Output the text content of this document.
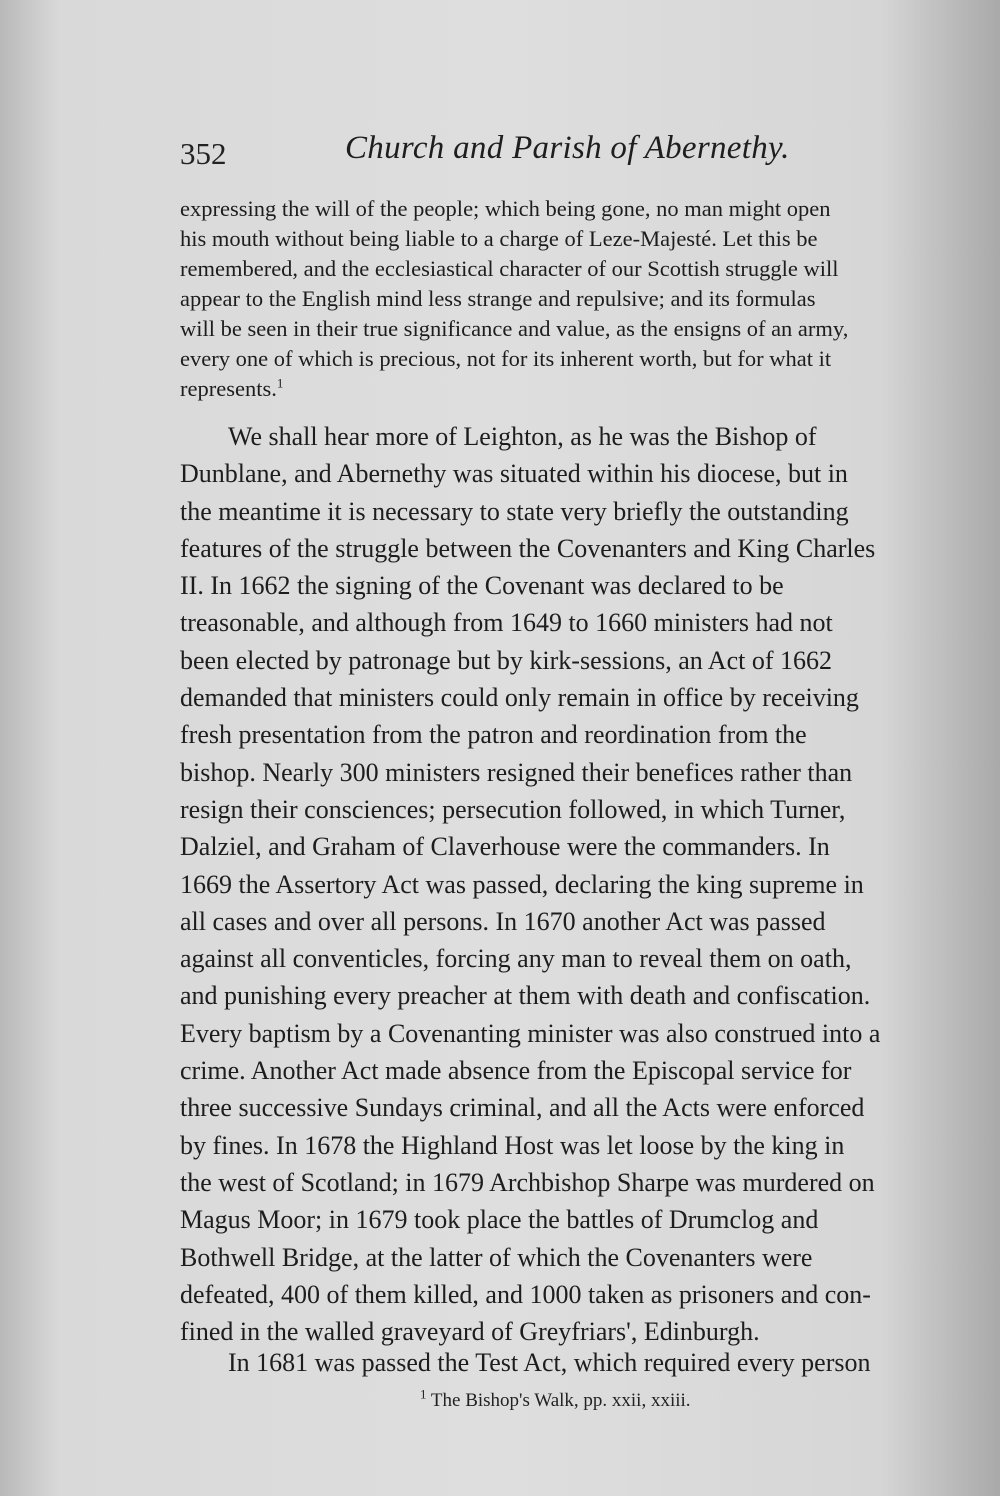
352	Church and Parish of Abernethy.
expressing the will of the people; which being gone, no man might open
his mouth without being liable to a charge of Leze-Majesté. Let this be
remembered, and the ecclesiastical character of our Scottish struggle will
appear to the English mind less strange and repulsive; and its formulas
will be seen in their true significance and value, as the ensigns of an army,
every one of which is precious, not for its inherent worth, but for what it
represents.$^1$
We shall hear more of Leighton, as he was the Bishop of
Dunblane, and Abernethy was situated within his diocese, but in
the meantime it is necessary to state very briefly the outstanding
features of the struggle between the Covenanters and King Charles
II. In 1662 the signing of the Covenant was declared to be
treasonable, and although from 1649 to 1660 ministers had not
been elected by patronage but by kirk-sessions, an Act of 1662
demanded that ministers could only remain in office by receiving
fresh presentation from the patron and reordination from the
bishop. Nearly 300 ministers resigned their benefices rather than
resign their consciences; persecution followed, in which Turner,
Dalziel, and Graham of Claverhouse were the commanders. In
1669 the Assertory Act was passed, declaring the king supreme in
all cases and over all persons. In 1670 another Act was passed
against all conventicles, forcing any man to reveal them on oath,
and punishing every preacher at them with death and confiscation.
Every baptism by a Covenanting minister was also construed into a
crime. Another Act made absence from the Episcopal service for
three successive Sundays criminal, and all the Acts were enforced
by fines. In 1678 the Highland Host was let loose by the king in
the west of Scotland; in 1679 Archbishop Sharpe was murdered on
Magus Moor; in 1679 took place the battles of Drumclog and
Bothwell Bridge, at the latter of which the Covenanters were
defeated, 400 of them killed, and 1000 taken as prisoners and con-
fined in the walled graveyard of Greyfriars', Edinburgh.
In 1681 was passed the Test Act, which required every person
$^1$ The Bishop's Walk, pp. xxii, xxiii.
